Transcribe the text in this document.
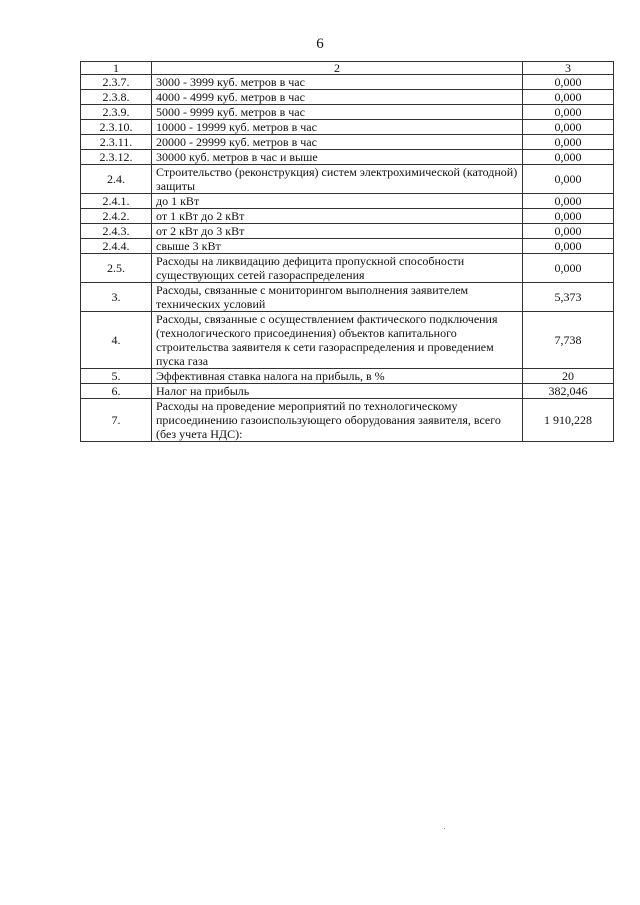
6
1	2	3
2.3.7.	3000 - 3999 куб. метров в час	0,000
2.3.8.	4000 - 4999 куб. метров в час	0,000
2.3.9.	5000 - 9999 куб. метров в час	0,000
2.3.10.	10000 - 19999 куб. метров в час	0,000
2.3.11.	20000 - 29999 куб. метров в час	0,000
2.3.12.	30000 куб. метров в час и выше	0,000
2.4.	Строительство (реконструкция) систем электрохимической (катодной) защиты	0,000
2.4.1.	до 1 кВт	0,000
2.4.2.	от 1 кВт до 2 кВт	0,000
2.4.3.	от 2 кВт до 3 кВт	0,000
2.4.4.	свыше 3 кВт	0,000
2.5.	Расходы на ликвидацию дефицита пропускной способности существующих сетей газораспределения	0,000
3.	Расходы, связанные с мониторингом выполнения заявителем технических условий	5,373
4.	Расходы, связанные с осуществлением фактического подключения (технологического присоединения) объектов капитального строительства заявителя к сети газораспределения и проведением пуска газа	7,738
5.	Эффективная ставка налога на прибыль, в %	20
6.	Налог на прибыль	382,046
7.	Расходы на проведение мероприятий по технологическому присоединению газоиспользующего оборудования заявителя, всего (без учета НДС):	1 910,228
